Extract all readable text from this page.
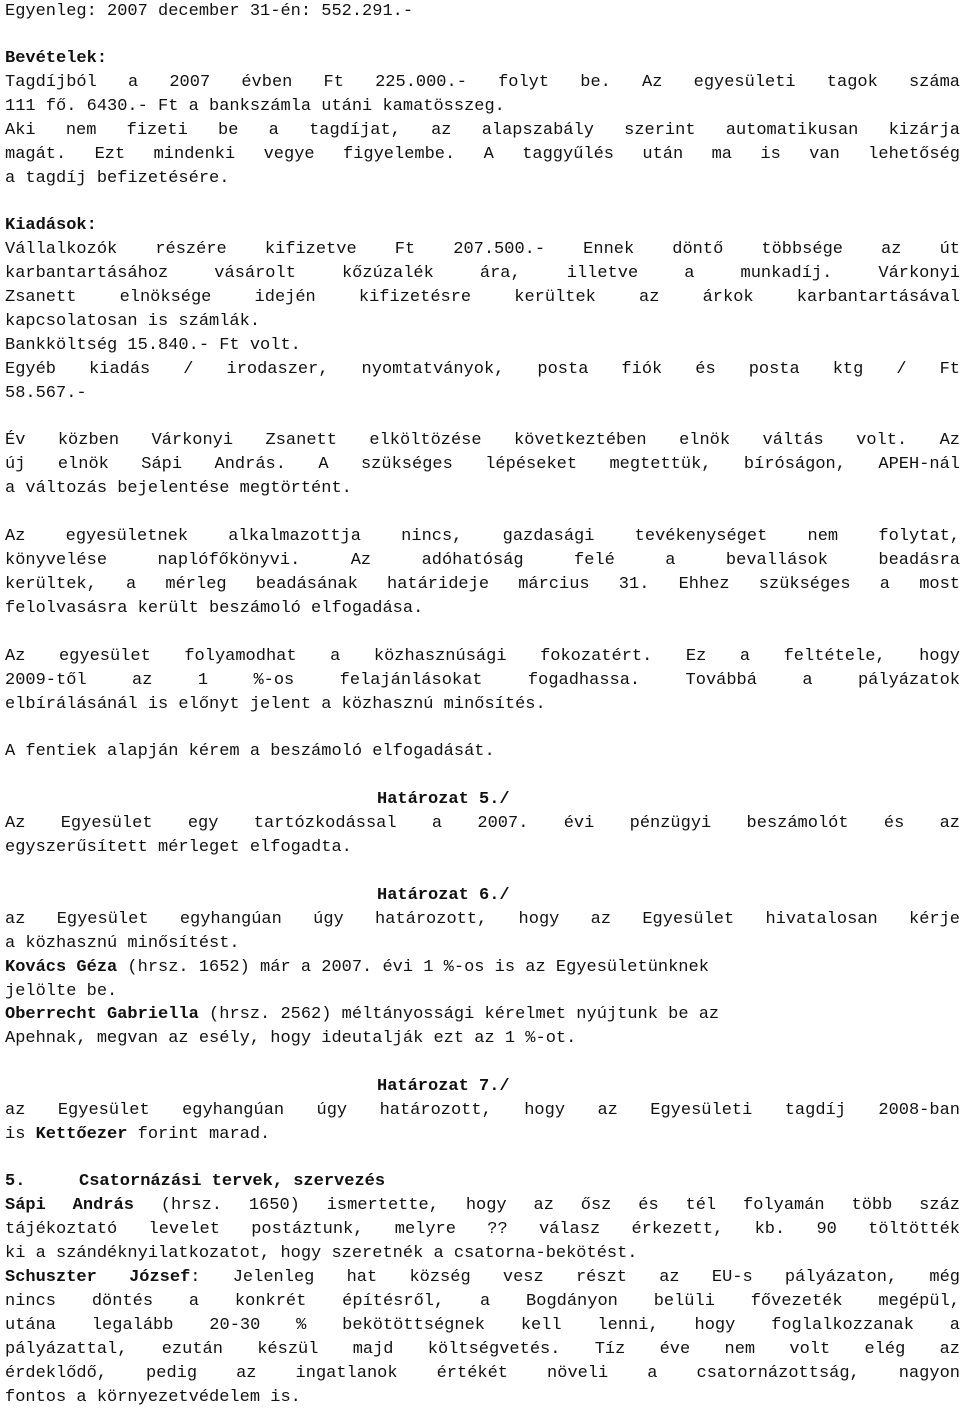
Egyenleg: 2007 december 31-én: 552.291.-
Bevételek:
Tagdíjból a 2007 évben Ft 225.000.- folyt be. Az egyesületi tagok száma
111 fő. 6430.- Ft a bankszámla utáni kamatösszeg.
Aki nem fizeti be a tagdíjat, az alapszabály szerint automatikusan kizárja
magát. Ezt mindenki vegye figyelembe. A taggyűlés után ma is van lehetőség
a tagdíj befizetésére.
Kiadások:
Vállalkozók részére kifizetve Ft 207.500.- Ennek döntő többsége az út
karbantartásához vásárolt kőzúzalék ára, illetve a munkadíj. Várkonyi
Zsanett elnöksége idején kifizetésre kerültek az árkok karbantartásával
kapcsolatosan is számlák.
Bankköltség 15.840.- Ft volt.
Egyéb kiadás / irodaszer, nyomtatványok, posta fiók és posta ktg / Ft
58.567.-
Év közben Várkonyi Zsanett elköltözése következtében elnök váltás volt. Az
új elnök Sápi András. A szükséges lépéseket megtettük, bíróságon, APEH-nál
a változás bejelentése megtörtént.
Az egyesületnek alkalmazottja nincs, gazdasági tevékenységet nem folytat,
könyvelése naplófőkönyvi. Az adóhatóság felé a bevallások beadásra
kerültek, a mérleg beadásának határideje március 31. Ehhez szükséges a most
felolvasásra került beszámoló elfogadása.
Az egyesület folyamodhat a közhasznúsági fokozatért. Ez a feltétele, hogy
2009-től az 1 %-os felajánlásokat fogadhassa. Továbbá a pályázatok
elbírálásánál is előnyt jelent a közhasznú minősítés.
A fentiek alapján kérem a beszámoló elfogadását.
Határozat 5./
Az Egyesület egy tartózkodással a 2007. évi pénzügyi beszámolót és az
egyszerűsített mérleget elfogadta.
Határozat 6./
az Egyesület egyhangúan úgy határozott, hogy az Egyesület hivatalosan kérje
a közhasznú minősítést.
Kovács Géza (hrsz. 1652) már a 2007. évi 1 %-os is az Egyesületünknek
jelölte be.
Oberrecht Gabriella (hrsz. 2562) méltányossági kérelmet nyújtunk be az
Apehnak, megvan az esély, hogy ideutalják ezt az 1 %-ot.
Határozat 7./
az Egyesület egyhangúan úgy határozott, hogy az Egyesületi tagdíj 2008-ban
is Kettőezer forint marad.
5.	Csatornázási tervek, szervezés
Sápi András (hrsz. 1650) ismertette, hogy az ősz és tél folyamán több száz
tájékoztató levelet postáztunk, melyre ?? válasz érkezett, kb. 90 töltötték
ki a szándéknyilatkozatot, hogy szeretnék a csatorna-bekötést.
Schuszter József: Jelenleg hat község vesz részt az EU-s pályázaton, még
nincs döntés a konkrét építésről, a Bogdányon belüli fővezeték megépül,
utána legalább 20-30 % bekötöttségnek kell lenni, hogy foglalkozzanak a
pályázattal, ezután készül majd költségvetés. Tíz éve nem volt elég az
érdeklődő, pedig az ingatlanok értékét növeli a csatornázottság, nagyon
fontos a környezetvédelem is.
